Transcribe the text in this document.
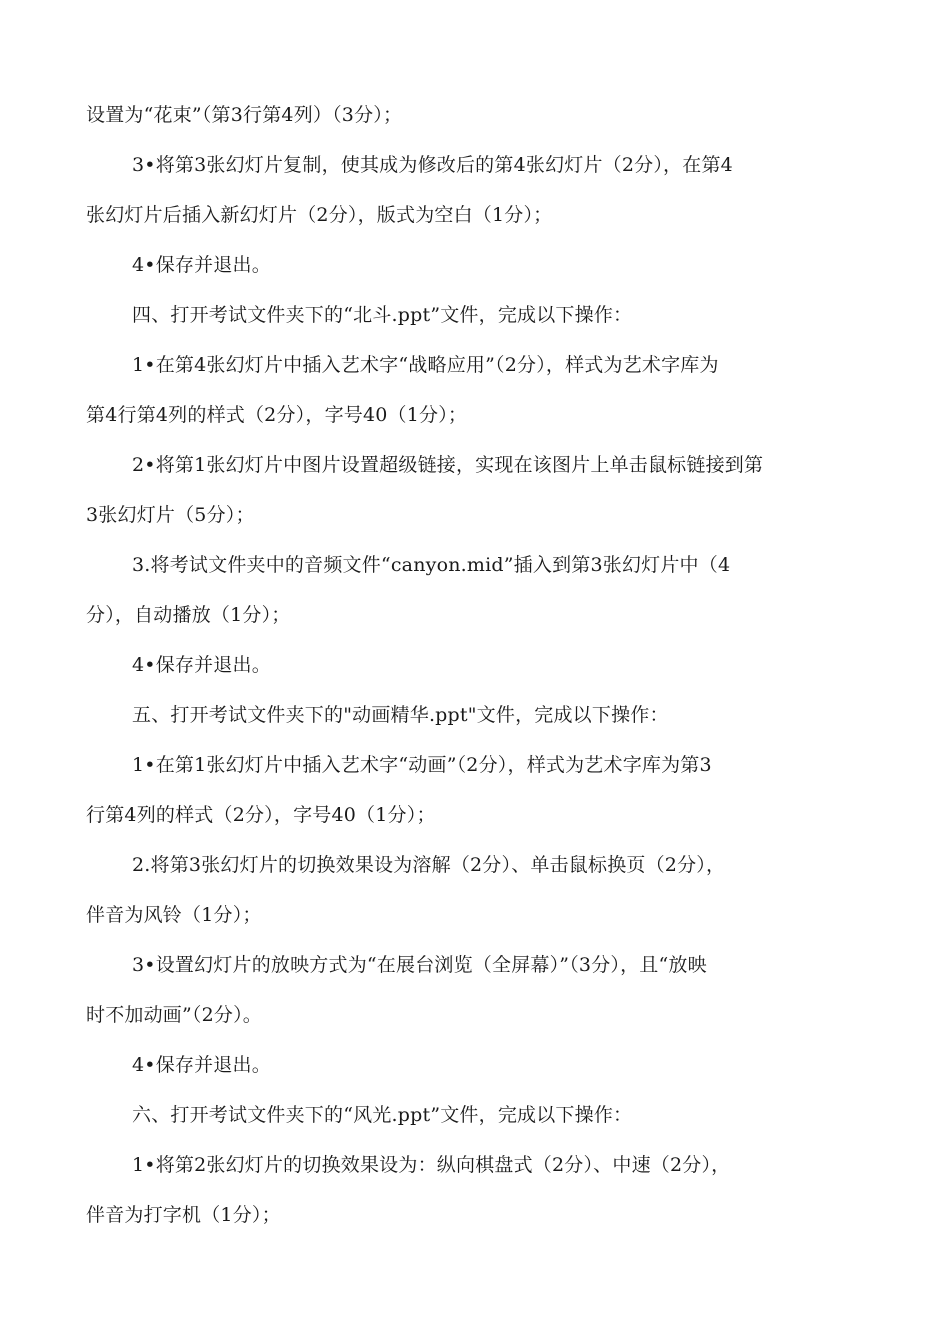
设置为“花束”（第3行第4列）（3分）；
3•将第3张幻灯片复制，使其成为修改后的第4张幻灯片（2分），在第4
张幻灯片后插入新幻灯片（2分），版式为空白（1分）；
4•保存并退出。
四、打开考试文件夹下的“北斗.ppt”文件，完成以下操作：
1•在第4张幻灯片中插入艺术字“战略应用”（2分），样式为艺术字库为
第4行第4列的样式（2分），字号40（1分）；
2•将第1张幻灯片中图片设置超级链接，实现在该图片上单击鼠标链接到第
3张幻灯片（5分）；
3.将考试文件夹中的音频文件“canyon.mid”插入到第3张幻灯片中（4
分），自动播放（1分）；
4•保存并退出。
五、打开考试文件夹下的"动画精华.ppt"文件，完成以下操作：
1•在第1张幻灯片中插入艺术字“动画”（2分），样式为艺术字库为第3
行第4列的样式（2分），字号40（1分）；
2.将第3张幻灯片的切换效果设为溶解（2分）、单击鼠标换页（2分），
伴音为风铃（1分）；
3•设置幻灯片的放映方式为“在展台浏览（全屏幕）”（3分），且“放映
时不加动画”（2分）。
4•保存并退出。
六、打开考试文件夹下的“风光.ppt”文件，完成以下操作：
1•将第2张幻灯片的切换效果设为：纵向棋盘式（2分）、中速（2分），
伴音为打字机（1分）；
